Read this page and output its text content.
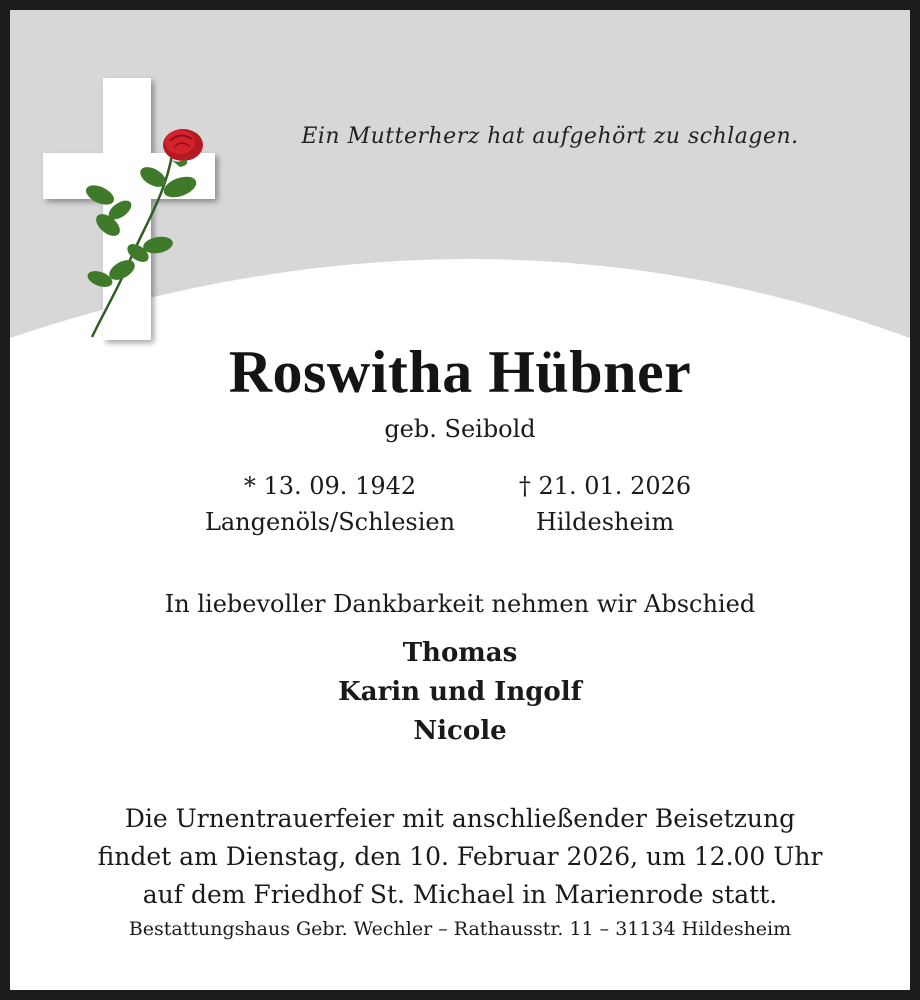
Ein Mutterherz hat aufgehört zu schlagen.
Roswitha Hübner
geb. Seibold
* 13. 09. 1942
Langenöls/Schlesien
† 21. 01. 2026
Hildesheim
In liebevoller Dankbarkeit nehmen wir Abschied
Thomas
Karin und Ingolf
Nicole
Die Urnentrauerfeier mit anschließender Beisetzung
findet am Dienstag, den 10. Februar 2026, um 12.00 Uhr
auf dem Friedhof St. Michael in Marienrode statt.
Bestattungshaus Gebr. Wechler – Rathausstr. 11 – 31134 Hildesheim
